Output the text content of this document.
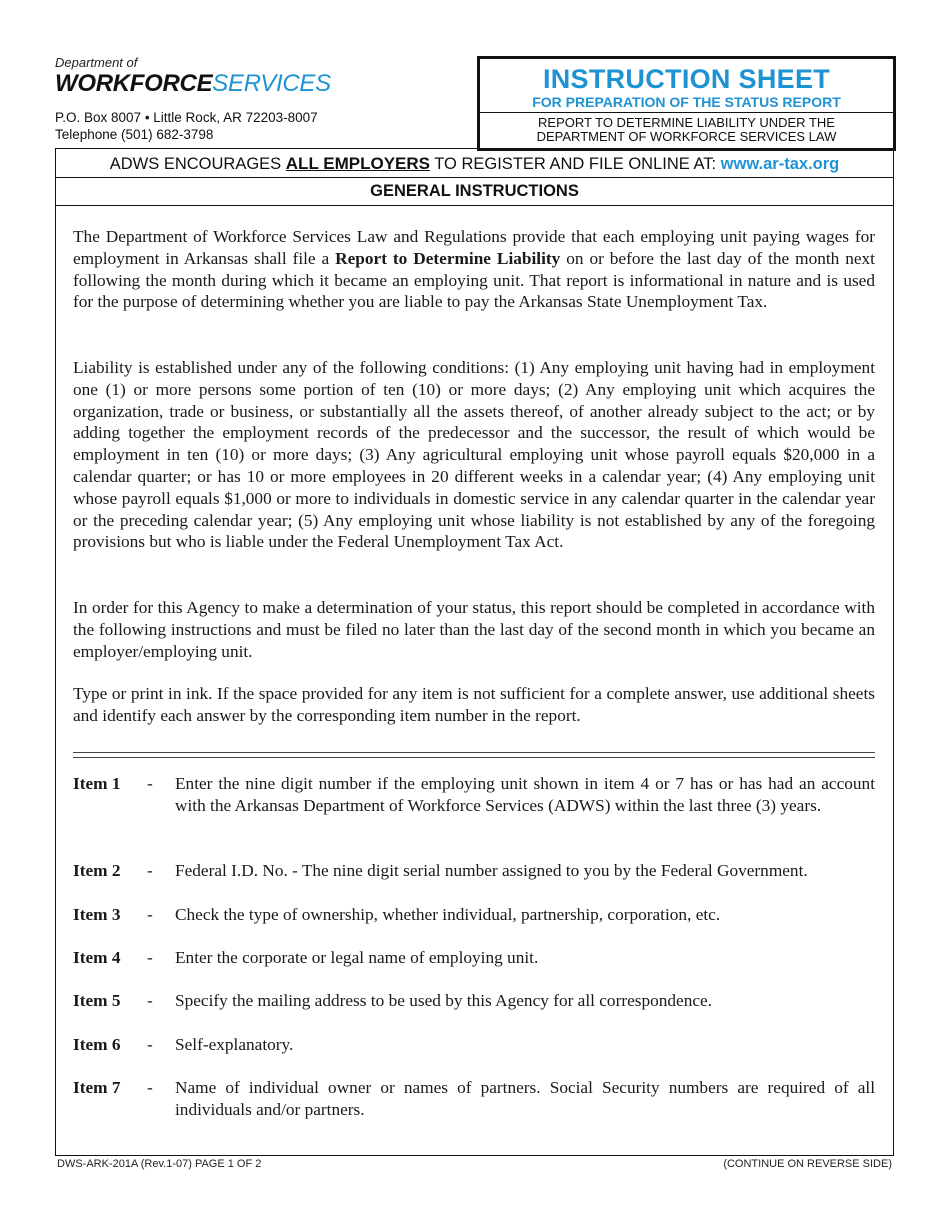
Department of
WORKFORCESERVICES
P.O. Box 8007 • Little Rock, AR 72203-8007
Telephone (501) 682-3798
INSTRUCTION SHEET
FOR PREPARATION OF THE STATUS REPORT
REPORT TO DETERMINE LIABILITY UNDER THE
DEPARTMENT OF WORKFORCE SERVICES LAW
ADWS ENCOURAGES ALL EMPLOYERS TO REGISTER AND FILE ONLINE AT: www.ar-tax.org
GENERAL INSTRUCTIONS

The Department of Workforce Services Law and Regulations provide that each employing unit paying wages for employment in Arkansas shall file a Report to Determine Liability on or before the last day of the month next following the month during which it became an employing unit. That report is informational in nature and is used for the purpose of determining whether you are liable to pay the Arkansas State Unemployment Tax.

Liability is established under any of the following conditions: (1) Any employing unit having had in employment one (1) or more persons some portion of ten (10) or more days; (2) Any employing unit which acquires the organization, trade or business, or substantially all the assets thereof, of another already subject to the act; or by adding together the employment records of the predecessor and the successor, the result of which would be employment in ten (10) or more days; (3) Any agricultural employing unit whose payroll equals $20,000 in a calendar quarter; or has 10 or more employees in 20 different weeks in a calendar year; (4) Any employing unit whose payroll equals $1,000 or more to individuals in domestic service in any calendar quarter in the calendar year or the preceding calendar year; (5) Any employing unit whose liability is not established by any of the foregoing provisions but who is liable under the Federal Unemployment Tax Act.

In order for this Agency to make a determination of your status, this report should be completed in accordance with the following instructions and must be filed no later than the last day of the second month in which you became an employer/employing unit.

Type or print in ink. If the space provided for any item is not sufficient for a complete answer, use additional sheets and identify each answer by the corresponding item number in the report.

Item 1 - Enter the nine digit number if the employing unit shown in item 4 or 7 has or has had an account with the Arkansas Department of Workforce Services (ADWS) within the last three (3) years.
Item 2 - Federal I.D. No. - The nine digit serial number assigned to you by the Federal Government.
Item 3 - Check the type of ownership, whether individual, partnership, corporation, etc.
Item 4 - Enter the corporate or legal name of employing unit.
Item 5 - Specify the mailing address to be used by this Agency for all correspondence.
Item 6 - Self-explanatory.
Item 7 - Name of individual owner or names of partners. Social Security numbers are required of all individuals and/or partners.
DWS-ARK-201A (Rev.1-07) PAGE 1 OF 2	(CONTINUE ON REVERSE SIDE)
